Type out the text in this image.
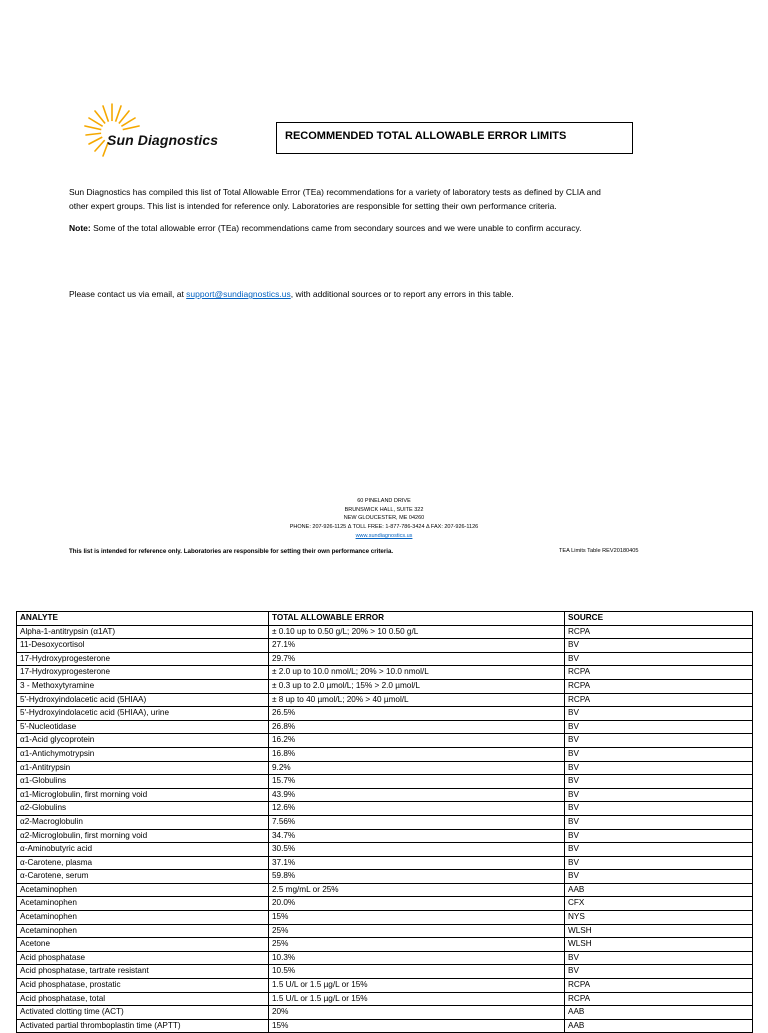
Sun Diagnostics	RECOMMENDED TOTAL ALLOWABLE ERROR LIMITS
Sun Diagnostics has compiled this list of Total Allowable Error (TEa) recommendations for a variety of laboratory tests as defined by CLIA and
other expert groups. This list is intended for reference only. Laboratories are responsible for setting their own performance criteria.
Note: Some of the total allowable error (TEa) recommendations came from secondary sources and we were unable to confirm accuracy.
Please contact us via email, at support@sundiagnostics.us, with additional sources or to report any errors in this table.
60 PINELAND DRIVE
BRUNSWICK HALL, SUITE 322
NEW GLOUCESTER, ME 04260
PHONE: 207-926-1125 Δ TOLL FREE: 1-877-786-3424 Δ FAX: 207-926-1126
www.sundiagnostics.us
This list is intended for reference only. Laboratories are responsible for setting their own performance criteria.	TEA Limits Table REV20180405
ANALYTE	TOTAL ALLOWABLE ERROR	SOURCE
Alpha-1-antitrypsin (α1AT)	± 0.10 up to 0.50 g/L; 20% > 10 0.50 g/L	RCPA
11-Desoxycortisol	27.1%	BV
17-Hydroxyprogesterone	29.7%	BV
17-Hydroxyprogesterone	± 2.0 up to 10.0 nmol/L; 20% > 10.0 nmol/L	RCPA
3 - Methoxytyramine	± 0.3 up to 2.0 µmol/L; 15% > 2.0 µmol/L	RCPA
5'-Hydroxyindolacetic acid (5HIAA)	± 8 up to 40 µmol/L; 20% > 40 µmol/L	RCPA
5'-Hydroxyindolacetic acid (5HIAA), urine	26.5%	BV
5'-Nucleotidase	26.8%	BV
α1-Acid glycoprotein	16.2%	BV
α1-Antichymotrypsin	16.8%	BV
α1-Antitrypsin	9.2%	BV
α1-Globulins	15.7%	BV
α1-Microglobulin, first morning void	43.9%	BV
α2-Globulins	12.6%	BV
α2-Macroglobulin	7.56%	BV
α2-Microglobulin, first morning void	34.7%	BV
α-Aminobutyric acid	30.5%	BV
α-Carotene, plasma	37.1%	BV
α-Carotene, serum	59.8%	BV
Acetaminophen	2.5 mg/mL or 25%	AAB
Acetaminophen	20.0%	CFX
Acetaminophen	15%	NYS
Acetaminophen	25%	WLSH
Acetone	25%	WLSH
Acid phosphatase	10.3%	BV
Acid phosphatase, tartrate resistant	10.5%	BV
Acid phosphatase, prostatic	1.5 U/L or 1.5 µg/L or 15%	RCPA
Acid phosphatase, total	1.5 U/L or 1.5 µg/L or 15%	RCPA
Activated clotting time (ACT)	20%	AAB
Activated partial thromboplastin time (APTT)	15%	AAB
